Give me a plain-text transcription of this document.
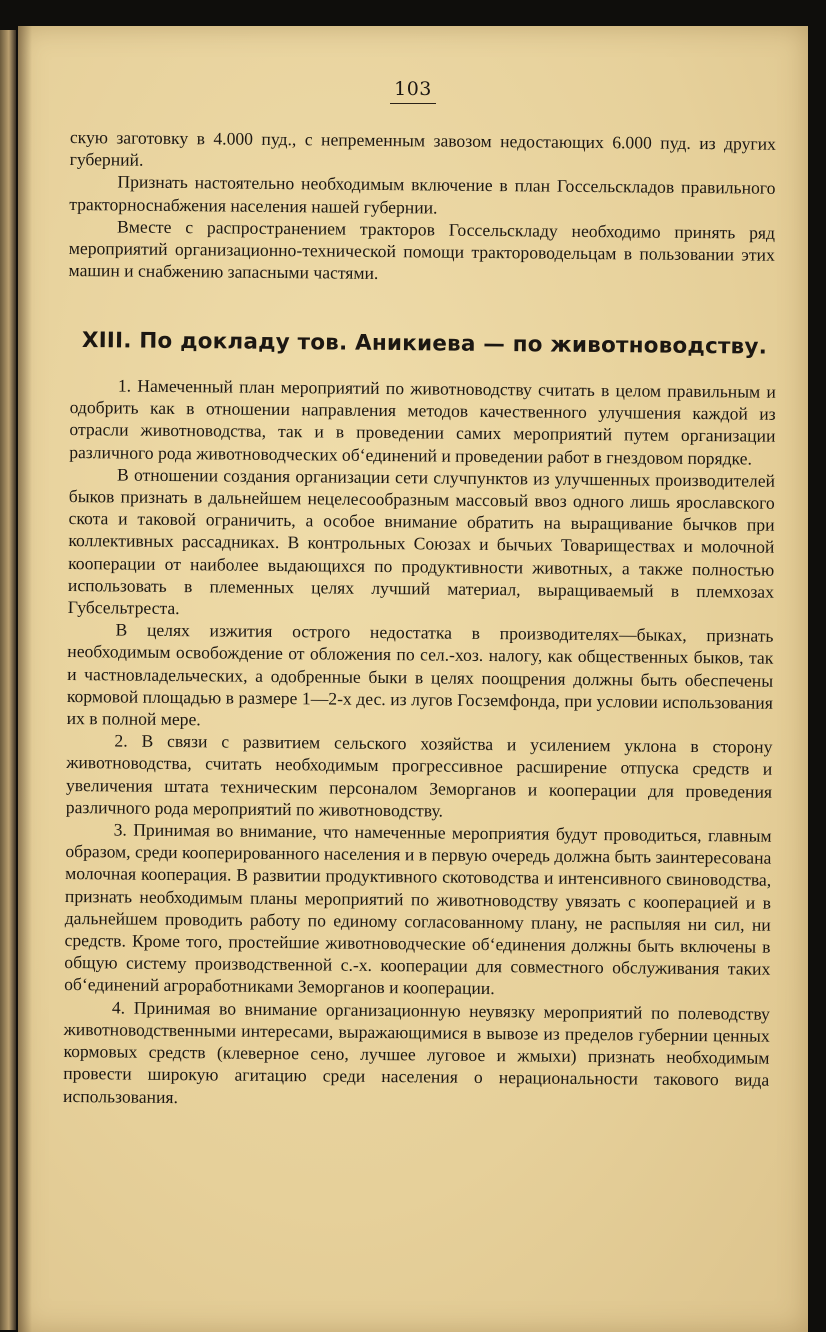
103

скую заготовку в 4.000 пуд., с непременным завозом недостающих 6.000 пуд. из других губерний.

Признать настоятельно необходимым включение в план Госсельскладов правильного тракторноснабжения населения нашей губернии.

Вместе с распространением тракторов Госсельскладу необходимо принять ряд мероприятий организационно-технической помощи трактороводельцам в пользовании этих машин и снабжению запасными частями.

XIII. По докладу тов. Аникиева — по животноводству.

1. Намеченный план мероприятий по животноводству считать в целом правильным и одобрить как в отношении направления методов качественного улучшения каждой из отрасли животноводства, так и в проведении самих мероприятий путем организации различного рода животноводческих об‘единений и проведении работ в гнездовом порядке.

В отношении создания организации сети случпунктов из улучшенных производителей быков признать в дальнейшем нецелесообразным массовый ввоз одного лишь ярославского скота и таковой ограничить, а особое внимание обратить на выращивание бычков при коллективных рассадниках. В контрольных Союзах и бычьих Товариществах и молочной кооперации от наиболее выдающихся по продуктивности животных, а также полностью использовать в племенных целях лучший материал, выращиваемый в племхозах Губсельтреста.

В целях изжития острого недостатка в производителях—быках, признать необходимым освобождение от обложения по сел.-хоз. налогу, как общественных быков, так и частновладельческих, а одобренные быки в целях поощрения должны быть обеспечены кормовой площадью в размере 1—2-х дес. из лугов Госземфонда, при условии использования их в полной мере.

2. В связи с развитием сельского хозяйства и усилением уклона в сторону животноводства, считать необходимым прогрессивное расширение отпуска средств и увеличения штата техническим персоналом Земорганов и кооперации для проведения различного рода мероприятий по животноводству.

3. Принимая во внимание, что намеченные мероприятия будут проводиться, главным образом, среди кооперированного населения и в первую очередь должна быть заинтересована молочная кооперация. В развитии продуктивного скотоводства и интенсивного свиноводства, признать необходимым планы мероприятий по животноводству увязать с кооперацией и в дальнейшем проводить работу по единому согласованному плану, не распыляя ни сил, ни средств. Кроме того, простейшие животноводческие об‘единения должны быть включены в общую систему производственной с.-х. кооперации для совместного обслуживания таких об‘единений агроработниками Земорганов и кооперации.

4. Принимая во внимание организационную неувязку мероприятий по полеводству животноводственными интересами, выражающимися в вывозе из пределов губернии ценных кормовых средств (клеверное сено, лучшее луговое и жмыхи) признать необходимым провести широкую агитацию среди населения о нерациональности такового вида использования.
